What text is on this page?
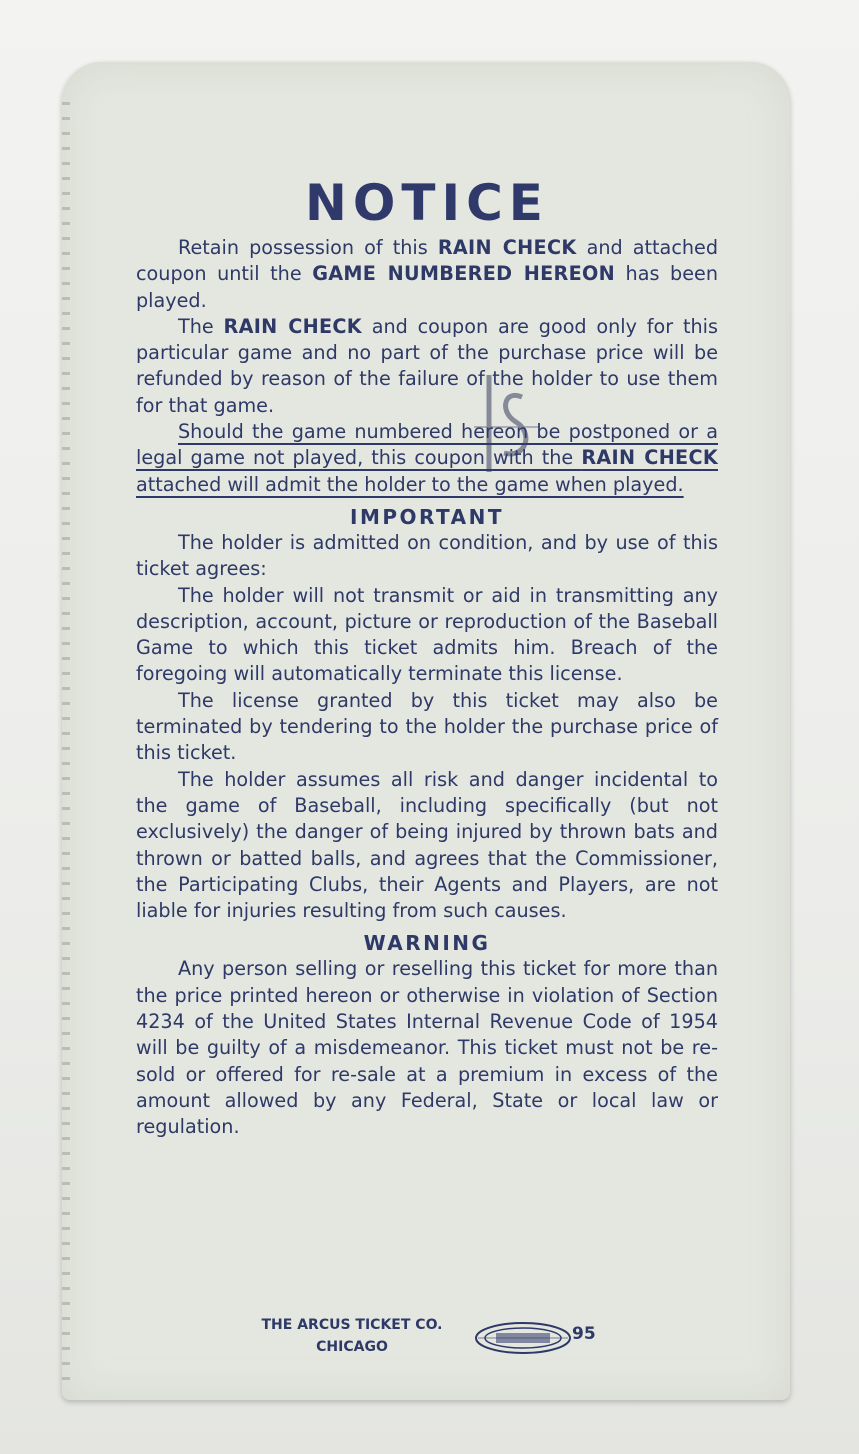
NOTICE

Retain possession of this RAIN CHECK and attached coupon until the GAME NUMBERED HEREON has been played.

The RAIN CHECK and coupon are good only for this particular game and no part of the purchase price will be refunded by reason of the failure of the holder to use them for that game.

Should the game numbered hereon be postponed or a legal game not played, this coupon with the RAIN CHECK attached will admit the holder to the game when played.

IMPORTANT

The holder is admitted on condition, and by use of this ticket agrees:

The holder will not transmit or aid in transmitting any description, account, picture or reproduction of the Baseball Game to which this ticket admits him. Breach of the foregoing will automatically terminate this license.

The license granted by this ticket may also be terminated by tendering to the holder the purchase price of this ticket.

The holder assumes all risk and danger incidental to the game of Baseball, including specifically (but not exclusively) the danger of being injured by thrown bats and thrown or batted balls, and agrees that the Commissioner, the Participating Clubs, their Agents and Players, are not liable for injuries resulting from such causes.

WARNING

Any person selling or reselling this ticket for more than the price printed hereon or otherwise in violation of Section 4234 of the United States Internal Revenue Code of 1954 will be guilty of a misdemeanor. This ticket must not be re-sold or offered for re-sale at a premium in excess of the amount allowed by any Federal, State or local law or regulation.

THE ARCUS TICKET CO.
CHICAGO
95
